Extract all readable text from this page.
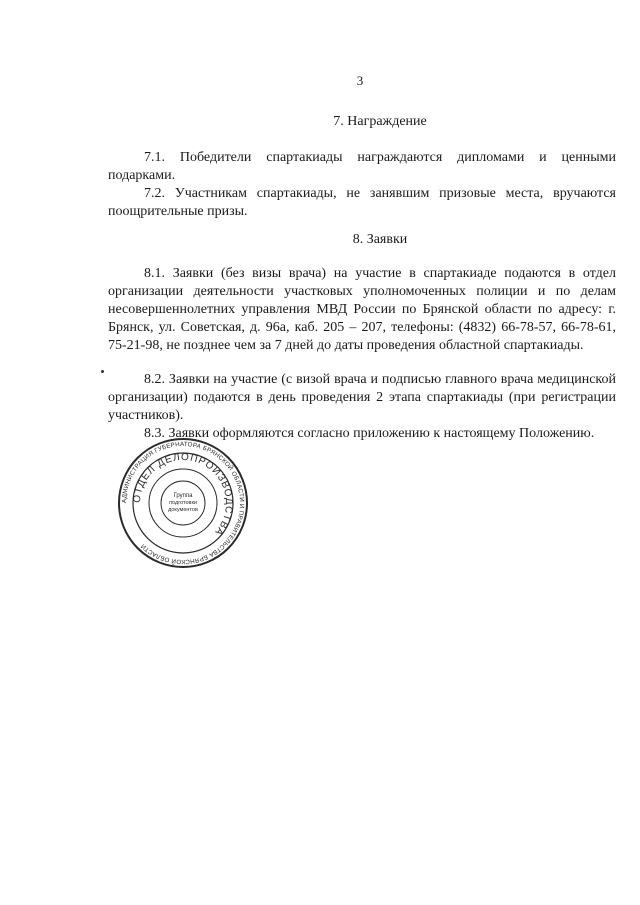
3
7. Награждение
7.1. Победители спартакиады награждаются дипломами и ценными подарками.
7.2. Участникам спартакиады, не занявшим призовые места, вручаются поощрительные призы.
8. Заявки
8.1. Заявки (без визы врача) на участие в спартакиаде подаются в отдел организации деятельности участковых уполномоченных полиции и по делам несовершеннолетних управления МВД России по Брянской области по адресу: г. Брянск, ул. Советская, д. 96а, каб. 205 – 207, телефоны: (4832) 66-78-57, 66-78-61, 75-21-98, не позднее чем за 7 дней до даты проведения областной спартакиады.
8.2. Заявки на участие (с визой врача и подписью главного врача медицинской организации) подаются в день проведения 2 этапа спартакиады (при регистрации участников).
8.3. Заявки оформляются согласно приложению к настоящему Положению.
АДМИНИСТРАЦИЯ ГУБЕРНАТОРА БРЯНСКОЙ ОБЛАСТИ И ПРАВИТЕЛЬСТВА БРЯНСКОЙ ОБЛАСТИ
ОТДЕЛ ДЕЛОПРОИЗВОДСТВА
Группа
подготовки
документов
